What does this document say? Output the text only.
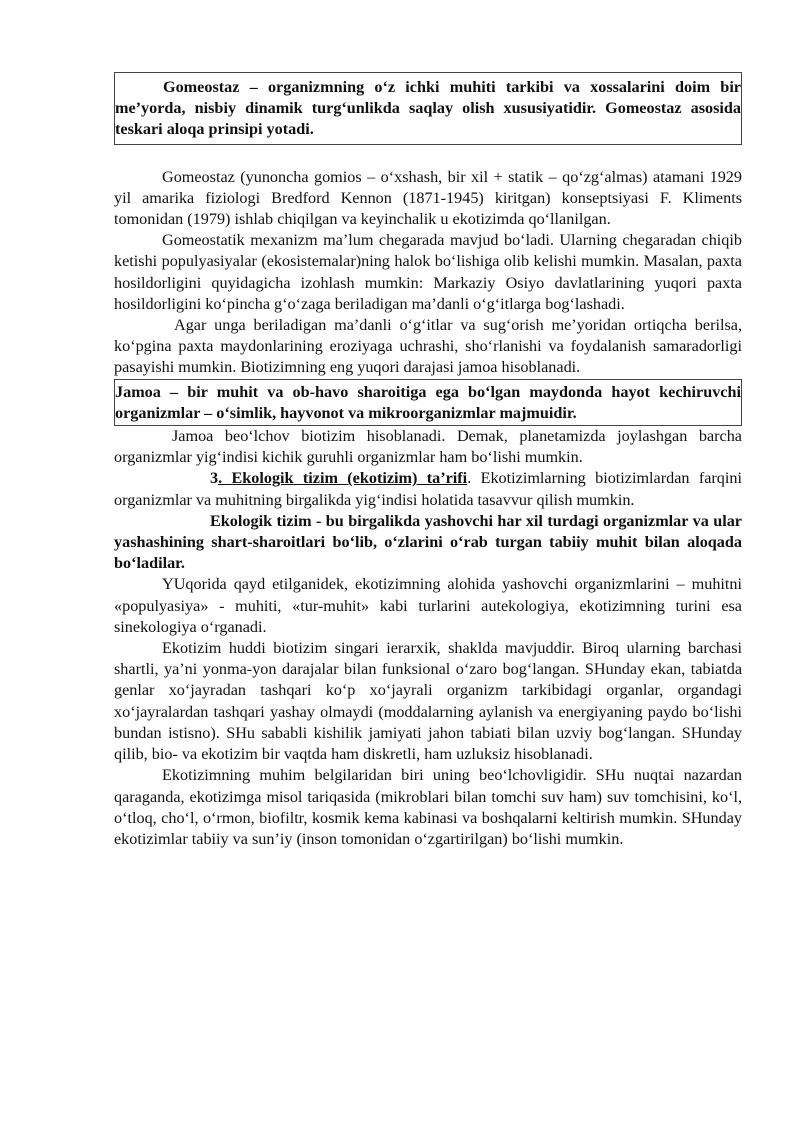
Gomeostaz – organizmning o‘z ichki muhiti tarkibi va xossalarini doim bir me’yorda, nisbiy dinamik turg‘unlikda saqlay olish xususiyatidir. Gomeostaz asosida teskari aloqa prinsipi yotadi.

Gomeostaz (yunoncha gomios – o‘xshash, bir xil + statik – qo‘zg‘almas) atamani 1929 yil amarika fiziologi Bredford Kennon (1871-1945) kiritgan) konseptsiyasi F. Kliments tomonidan (1979) ishlab chiqilgan va keyinchalik u ekotizimda qo‘llanilgan.

Gomeostatik mexanizm ma’lum chegarada mavjud bo‘ladi. Ularning chegaradan chiqib ketishi populyasiyalar (ekosistemalar)ning halok bo‘lishiga olib kelishi mumkin. Masalan, paxta hosildorligini quyidagicha izohlash mumkin: Markaziy Osiyo davlatlarining yuqori paxta hosildorligini ko‘pincha g‘o‘zaga beriladigan ma’danli o‘g‘itlarga bog‘lashadi.

Agar unga beriladigan ma’danli o‘g‘itlar va sug‘orish me’yoridan ortiqcha berilsa, ko‘pgina paxta maydonlarining eroziyaga uchrashi, sho‘rlanishi va foydalanish samaradorligi pasayishi mumkin. Biotizimning eng yuqori darajasi jamoa hisoblanadi.

Jamoa – bir muhit va ob-havo sharoitiga ega bo‘lgan maydonda hayot kechiruvchi organizmlar – o‘simlik, hayvonot va mikroorganizmlar majmuidir.

Jamoa beo‘lchov biotizim hisoblanadi. Demak, planetamizda joylashgan barcha organizmlar yig‘indisi kichik guruhli organizmlar ham bo‘lishi mumkin.

3. Ekologik tizim (ekotizim) ta’rifi. Ekotizimlarning biotizimlardan farqini organizmlar va muhitning birgalikda yig‘indisi holatida tasavvur qilish mumkin.

Ekologik tizim - bu birgalikda yashovchi har xil turdagi organizmlar va ular yashashining shart-sharoitlari bo‘lib, o‘zlarini o‘rab turgan tabiiy muhit bilan aloqada bo‘ladilar.

YUqorida qayd etilganidek, ekotizimning alohida yashovchi organizmlarini – muhitni «populyasiya» - muhiti, «tur-muhit» kabi turlarini autekologiya, ekotizimning turini esa sinekologiya o‘rganadi.

Ekotizim huddi biotizim singari ierarxik, shaklda mavjuddir. Biroq ularning barchasi shartli, ya’ni yonma-yon darajalar bilan funksional o‘zaro bog‘langan. SHunday ekan, tabiatda genlar xo‘jayradan tashqari ko‘p xo‘jayrali organizm tarkibidagi organlar, organdagi xo‘jayralardan tashqari yashay olmaydi (moddalarning aylanish va energiyaning paydo bo‘lishi bundan istisno). SHu sababli kishilik jamiyati jahon tabiati bilan uzviy bog‘langan. SHunday qilib, bio- va ekotizim bir vaqtda ham diskretli, ham uzluksiz hisoblanadi.

Ekotizimning muhim belgilaridan biri uning beo‘lchovligidir. SHu nuqtai nazardan qaraganda, ekotizimga misol tariqasida (mikroblari bilan tomchi suv ham) suv tomchisini, ko‘l, o‘tloq, cho‘l, o‘rmon, biofiltr, kosmik kema kabinasi va boshqalarni keltirish mumkin. SHunday ekotizimlar tabiiy va sun’iy (inson tomonidan o‘zgartirilgan) bo‘lishi mumkin.
